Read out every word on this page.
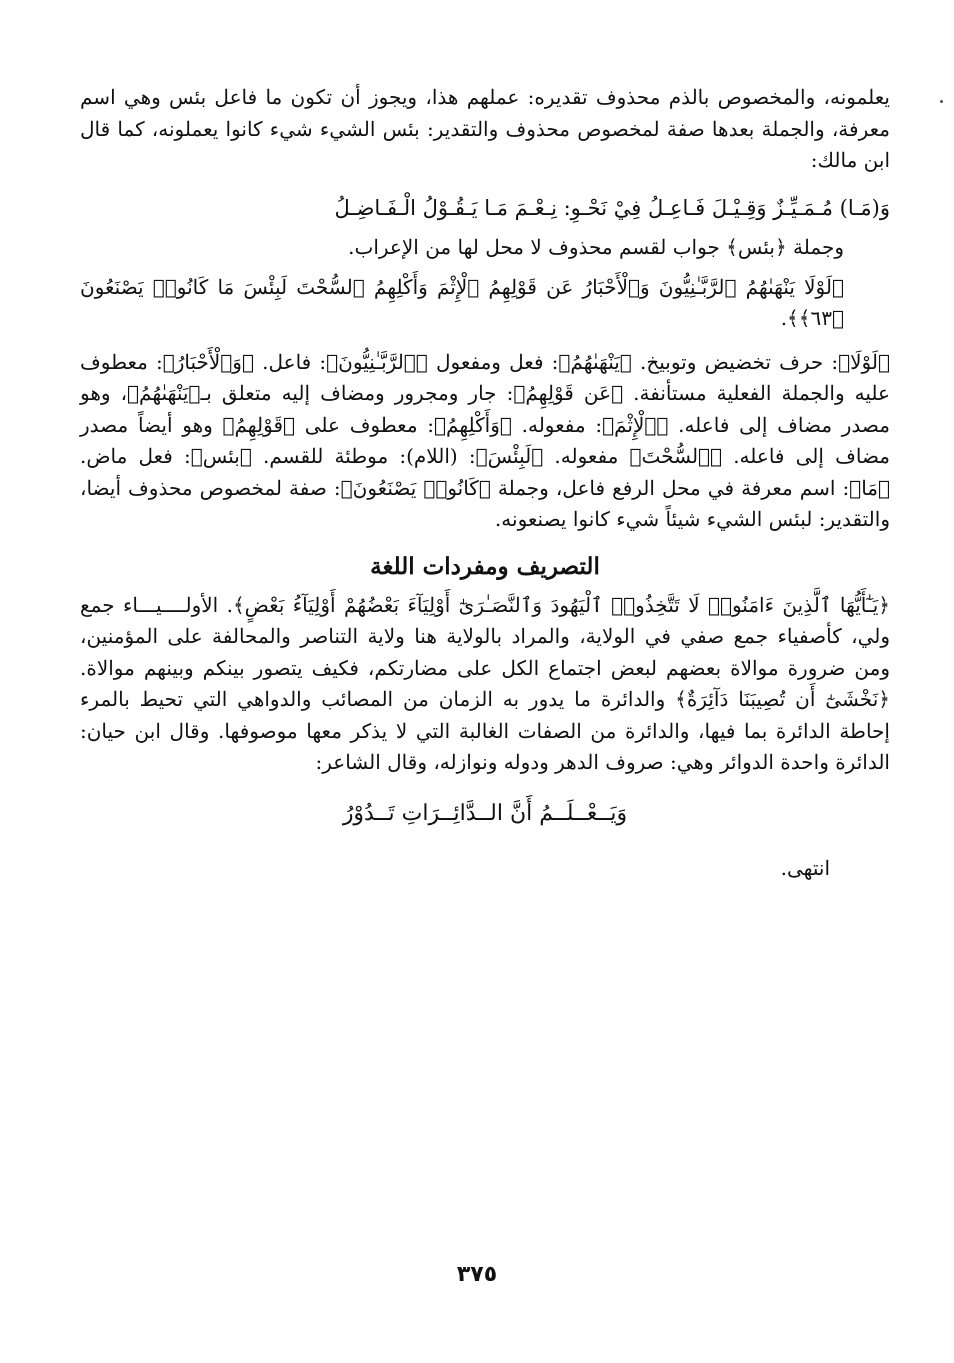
يعلمونه، والمخصوص بالذم محذوف تقديره: عملهم هذا، ويجوز أن تكون ما فاعل بئس وهي اسم معرفة، والجملة بعدها صفة لمخصوص محذوف والتقدير: بئس الشيء شيء كانوا يعملونه، كما قال ابن مالك:

وَ(مَـا) مُـمَـيِّـزٌ وَقِـيْـلَ فَـاعِـلُ فِيْ نَحْـوِ: نِـعْـمَ مَـا يَـقُـوْلُ الْـفَـاضِـلُ

وجملة ﴿بئس﴾ جواب لقسم محذوف لا محل لها من الإعراب.

﴿لَوْلَا يَنْهَىٰهُمُ ٱلرَّبَّـٰنِيُّونَ وَٱلْأَحْبَارُ عَن قَوْلِهِمُ ٱلْإِثْمَ وَأَكْلِهِمُ ٱلسُّحْتَ لَبِئْسَ مَا كَانُوا۟ يَصْنَعُونَ ﴿٦٣﴾﴾.

﴿لَوْلَا﴾: حرف تخضيض وتوبيخ. ﴿يَنْهَىٰهُمُ﴾: فعل ومفعول ﴿ٱلرَّبَّـٰنِيُّونَ﴾: فاعل. ﴿وَٱلْأَحْبَارُ﴾: معطوف عليه والجملة الفعلية مستأنفة. ﴿عَن قَوْلِهِمُ﴾: جار ومجرور ومضاف إليه متعلق بـ﴿يَنْهَىٰهُمُ﴾، وهو مصدر مضاف إلى فاعله. ﴿ٱلْإِثْمَ﴾: مفعوله. ﴿وَأَكْلِهِمُ﴾: معطوف على ﴿قَوْلِهِمُ﴾ وهو أيضاً مصدر مضاف إلى فاعله. ﴿ٱلسُّحْتَ﴾ مفعوله. ﴿لَبِئْسَ﴾: (اللام): موطئة للقسم. ﴿بئس﴾: فعل ماض. ﴿مَا﴾: اسم معرفة في محل الرفع فاعل، وجملة ﴿كَانُوا۟ يَصْنَعُونَ﴾: صفة لمخصوص محذوف أيضا، والتقدير: لبئس الشيء شيئاً شيء كانوا يصنعونه.

التصريف ومفردات اللغة

﴿يَـٰٓأَيُّهَا ٱلَّذِينَ ءَامَنُوا۟ لَا تَتَّخِذُوا۟ ٱلْيَهُودَ وَٱلنَّصَـٰرَىٰٓ أَوْلِيَآءَ بَعْضُهُمْ أَوْلِيَآءُ بَعْضٍ﴾. الأولــــيـــاء جمع ولي، كأصفياء جمع صفي في الولاية، والمراد بالولاية هنا ولاية التناصر والمحالفة على المؤمنين، ومن ضرورة موالاة بعضهم لبعض اجتماع الكل على مضارتكم، فكيف يتصور بينكم وبينهم موالاة. ﴿نَخْشَىٰٓ أَن تُصِيبَنَا دَآئِرَةٌ﴾ والدائرة ما يدور به الزمان من المصائب والدواهي التي تحيط بالمرء إحاطة الدائرة بما فيها، والدائرة من الصفات الغالبة التي لا يذكر معها موصوفها. وقال ابن حيان: الدائرة واحدة الدوائر وهي: صروف الدهر ودوله ونوازله، وقال الشاعر:

وَيَــعْــلَــمُ أَنَّ الــدَّائِــرَاتِ تَــدُوْرُ

انتهى.

٣٧٥
